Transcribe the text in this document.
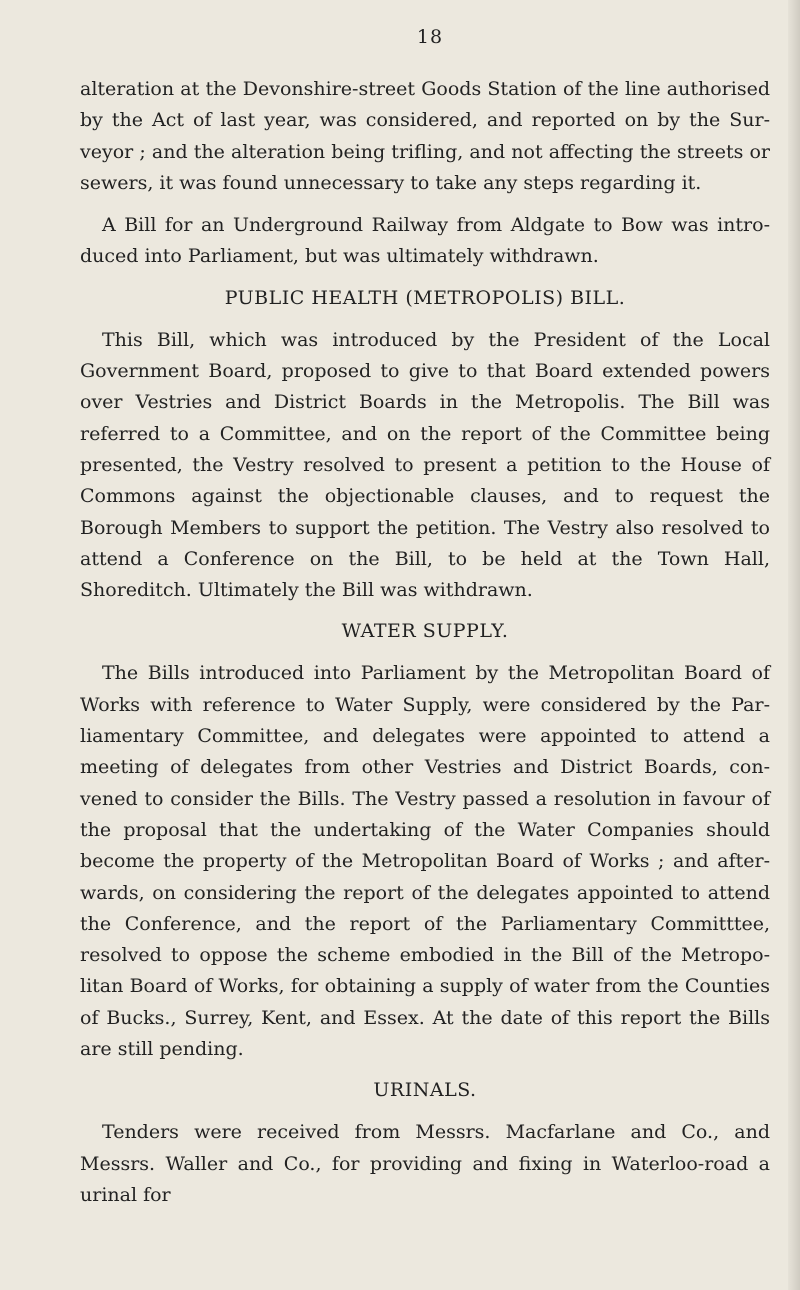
18

alteration at the Devonshire-street Goods Station of the line authorised by the Act of last year, was considered, and reported on by the Sur- veyor ; and the alteration being trifling, and not affecting the streets or sewers, it was found unnecessary to take any steps regarding it.

A Bill for an Underground Railway from Aldgate to Bow was intro- duced into Parliament, but was ultimately withdrawn.

PUBLIC HEALTH (METROPOLIS) BILL.

This Bill, which was introduced by the President of the Local Government Board, proposed to give to that Board extended powers over Vestries and District Boards in the Metropolis. The Bill was referred to a Committee, and on the report of the Committee being presented, the Vestry resolved to present a petition to the House of Commons against the objectionable clauses, and to request the Borough Members to support the petition. The Vestry also resolved to attend a Conference on the Bill, to be held at the Town Hall, Shoreditch. Ultimately the Bill was withdrawn.

WATER SUPPLY.

The Bills introduced into Parliament by the Metropolitan Board of Works with reference to Water Supply, were considered by the Par- liamentary Committee, and delegates were appointed to attend a meeting of delegates from other Vestries and District Boards, con- vened to consider the Bills. The Vestry passed a resolution in favour of the proposal that the undertaking of the Water Companies should become the property of the Metropolitan Board of Works ; and after- wards, on considering the report of the delegates appointed to attend the Conference, and the report of the Parliamentary Committtee, resolved to oppose the scheme embodied in the Bill of the Metropo- litan Board of Works, for obtaining a supply of water from the Counties of Bucks., Surrey, Kent, and Essex. At the date of this report the Bills are still pending.

URINALS.

Tenders were received from Messrs. Macfarlane and Co., and Messrs. Waller and Co., for providing and fixing in Waterloo-road a urinal for
